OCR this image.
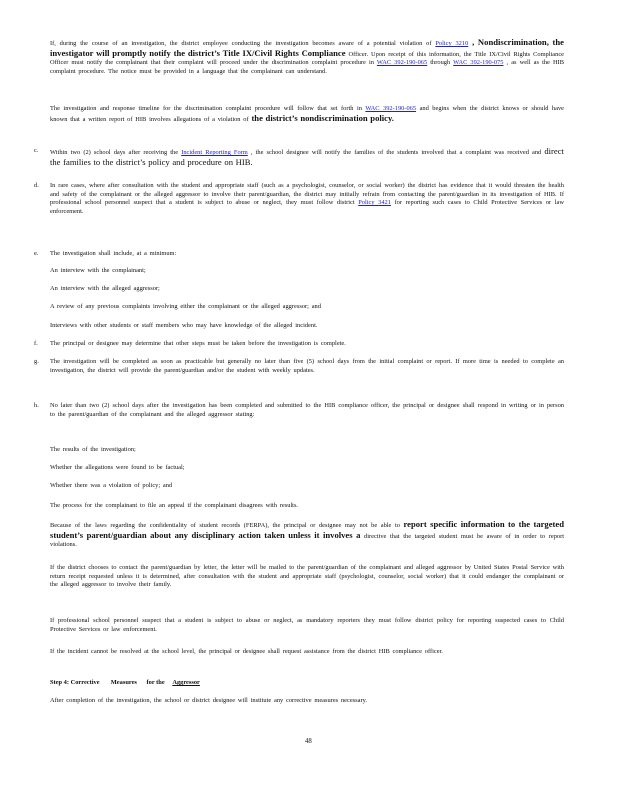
If, during the course of an investigation, the district employee conducting the investigation becomes aware of a potential violation of Policy 3210 , Nondiscrimination, the investigator will promptly notify the district’s Title IX/Civil Rights Compliance Officer. Upon receipt of this information, the Title IX/Civil Rights Compliance Officer must notify the complainant that their complaint will proceed under the discrimination complaint procedure in WAC 392-190-065 through WAC 392-190-075 , as well as the HIB complaint procedure. The notice must be provided in a language that the complainant can understand.

The investigation and response timeline for the discrimination complaint procedure will follow that set forth in WAC 392-190-065 and begins when the district knows or should have known that a written report of HIB involves allegations of a violation of the district’s nondiscrimination policy.

c. Within two (2) school days after receiving the Incident Reporting Form , the school designee will notify the families of the students involved that a complaint was received and direct the families to the district’s policy and procedure on HIB.

d. In rare cases, where after consultation with the student and appropriate staff (such as a psychologist, counselor, or social worker) the district has evidence that it would threaten the health and safety of the complainant or the alleged aggressor to involve their parent/guardian, the district may initially refrain from contacting the parent/guardian in its investigation of HIB. If professional school personnel suspect that a student is subject to abuse or neglect, they must follow district Policy 3421 for reporting such cases to Child Protective Services or law enforcement.

e. The investigation shall include, at a minimum:

An interview with the complainant;

An interview with the alleged aggressor;

A review of any previous complaints involving either the complainant or the alleged aggressor; and

Interviews with other students or staff members who may have knowledge of the alleged incident.

f. The principal or designee may determine that other steps must be taken before the investigation is complete.

g. The investigation will be completed as soon as practicable but generally no later than five (5) school days from the initial complaint or report. If more time is needed to complete an investigation, the district will provide the parent/guardian and/or the student with weekly updates.

h. No later than two (2) school days after the investigation has been completed and submitted to the HIB compliance officer, the principal or designee shall respond in writing or in person to the parent/guardian of the complainant and the alleged aggressor stating:

The results of the investigation;

Whether the allegations were found to be factual;

Whether there was a violation of policy; and

The process for the complainant to file an appeal if the complainant disagrees with results.

Because of the laws regarding the confidentiality of student records (FERPA), the principal or designee may not be able to report specific information to the targeted student’s parent/guardian about any disciplinary action taken unless it involves a directive that the targeted student must be aware of in order to report violations.

If the district chooses to contact the parent/guardian by letter, the letter will be mailed to the parent/guardian of the complainant and alleged aggressor by United States Postal Service with return receipt requested unless it is determined, after consultation with the student and appropriate staff (psychologist, counselor, social worker) that it could endanger the complainant or the alleged aggressor to involve their family.

If professional school personnel suspect that a student is subject to abuse or neglect, as mandatory reporters they must follow district policy for reporting suspected cases to Child Protective Services or law enforcement.

If the incident cannot be resolved at the school level, the principal or designee shall request assistance from the district HIB compliance officer.

Step 4: Corrective Measures for the Aggressor

After completion of the investigation, the school or district designee will institute any corrective measures necessary.

48
